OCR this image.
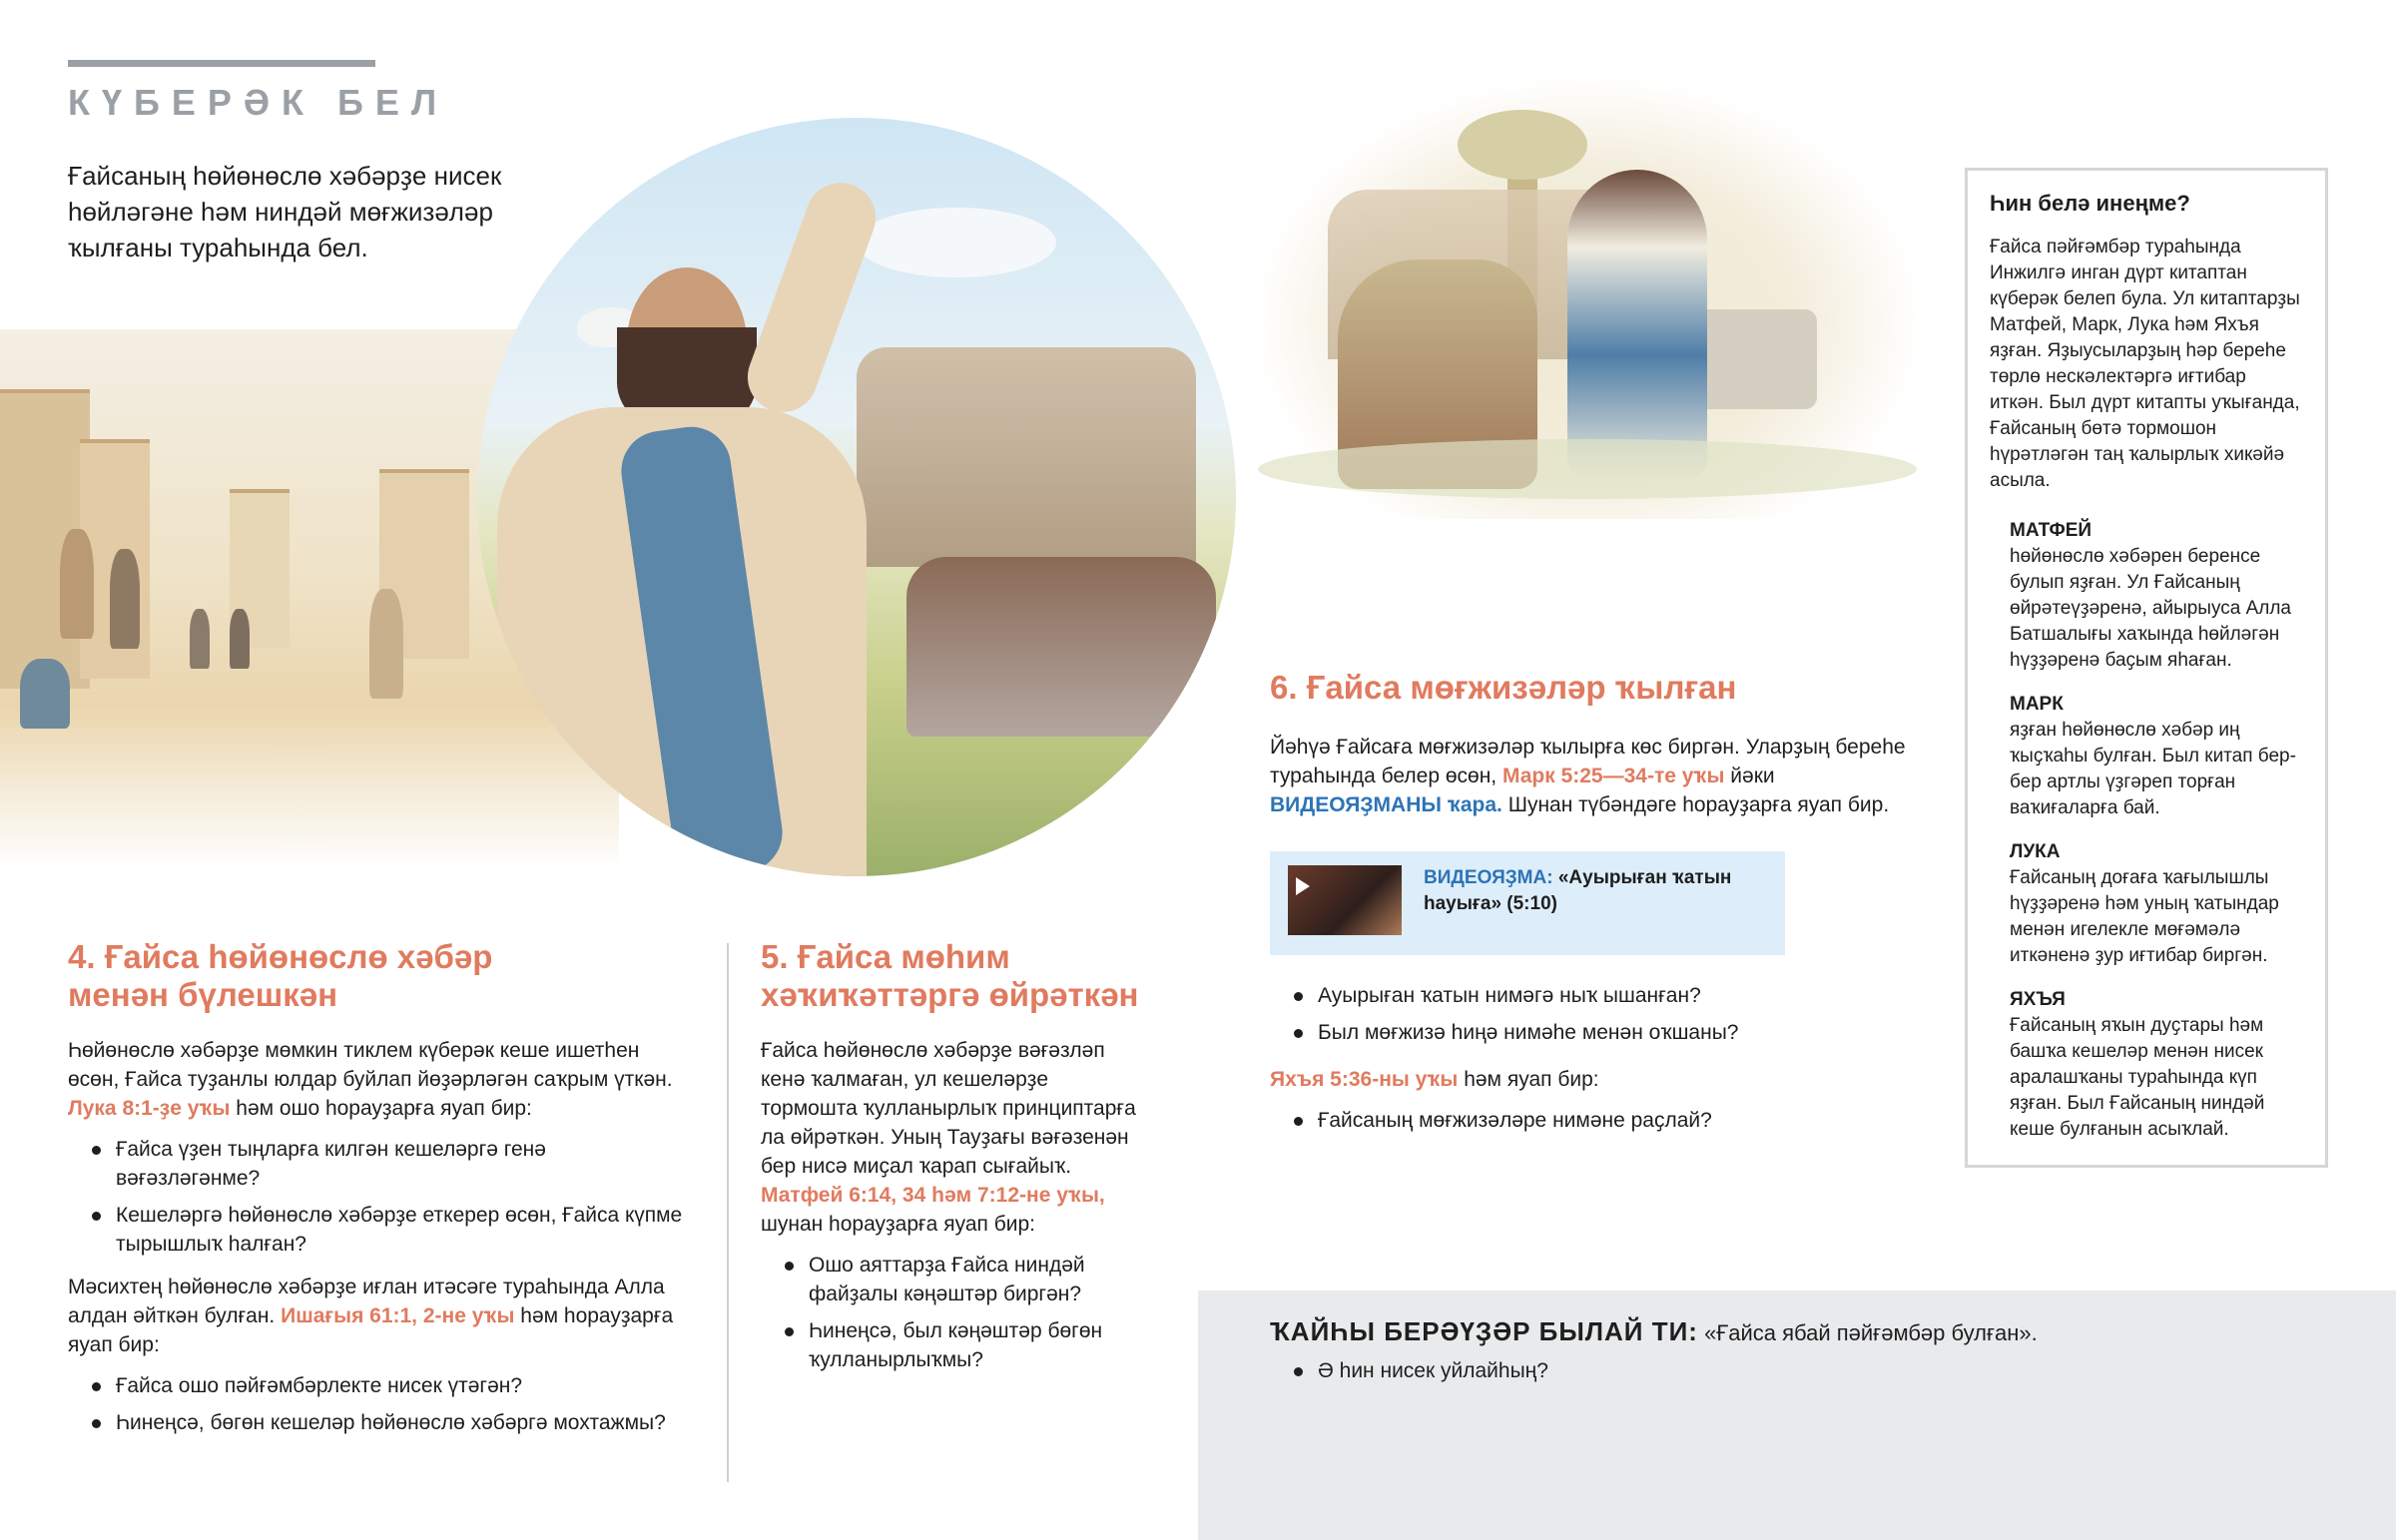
КҮБЕРӘК БЕЛ
Ғайсаның һөйөнөслө хәбәрҙе нисек һөйләгәне һәм ниндәй мөғжизәләр ҡылғаны тураһында бел.
Һин белә инеңме?
Ғайса пәйғәмбәр тураһында Инжилгә инган дүрт китаптан күберәк белеп була. Ул китаптарҙы Матфей, Марк, Лука һәм Яхъя яҙған. Яҙыусыларҙың һәр береһе төрлө нескәлектәргә иғтибар иткән. Был дүрт китапты уҡығанда, Ғайсаның бөтә тормошон һүрәтләгән таң ҡалырлыҡ хикәйә асыла.
МАТФЕЙ
һөйөнөслө хәбәрен беренсе булып яҙған. Ул Ғайсаның өйрәтеүҙәренә, айырыуса Алла Батшалығы хаҡында һөйләгән һүҙҙәренә баҫым яһаған.
МАРК
яҙған һөйөнөслө хәбәр иң ҡыҫҡаһы булған. Был китап бер-бер артлы үҙгәреп торған ваҡиғаларға бай.
ЛУКА
Ғайсаның доғаға ҡағылышлы һүҙҙәренә һәм уның ҡатындар менән игелекле мөғәмәлә иткәненә ҙур иғтибар биргән.
ЯХЪЯ
Ғайсаның яҡын дуҫтары һәм башҡа кешеләр менән нисек аралашҡаны тураһында күп яҙған. Был Ғайсаның ниндәй кеше булғанын асыҡлай.
4. Ғайса һөйөнөслө хәбәр менән бүлешкән

Һөйөнөслө хәбәрҙе мөмкин тиклем күберәк кеше ишетһен өсөн, Ғайса туҙанлы юлдар буйлап йөҙәрләгән саҡрым үткән. Лука 8:1-ҙе уҡы һәм ошо һорауҙарға яуап бир:

Ғайса үҙен тыңларға килгән кешеләргә генә вәғәзләгәнме?
Кешеләргә һөйөнөслө хәбәрҙе еткерер өсөн, Ғайса күпме тырышлыҡ һалған?

Мәсихтең һөйөнөслө хәбәрҙе иғлан итәсәге тураһында Алла алдан әйткән булған. Ишағыя 61:1, 2-не уҡы һәм һорауҙарға яуап бир:

Ғайса ошо пәйғәмбәрлекте нисек үтәгән?
Һинеңсә, бөгөн кешеләр һөйөнөслө хәбәргә мохтажмы?
5. Ғайса мөһим хәҡиҡәттәргә өйрәткән

Ғайса һөйөнөслө хәбәрҙе вәғәзләп кенә ҡалмаған, ул кешеләрҙе тормошта ҡулланырлыҡ принциптарға ла өйрәткән. Уның Тауҙағы вәғәзенән бер нисә миҫал ҡарап сығайыҡ. Матфей 6:14, 34 һәм 7:12-не уҡы, шунан һорауҙарға яуап бир:

Ошо аяттарҙа Ғайса ниндәй файҙалы кәңәштәр биргән?
Һинеңсә, был кәңәштәр бөгөн ҡулланырлыҡмы?
6. Ғайса мөғжизәләр ҡылған

Йәһүә Ғайсаға мөғжизәләр ҡылырға көс биргән. Уларҙың береһе тураһында белер өсөн, Марк 5:25—34-те уҡы йәки ВИДЕОЯҘМАНЫ ҡара. Шунан түбәндәге һорауҙарға яуап бир.

ВИДЕОЯҘМА: «Ауырыған ҡатын һауыға» (5:10)
Ауырыған ҡатын нимәгә ныҡ ышанған?
Был мөғжизә һиңә нимәһе менән оҡшаны?

Яхъя 5:36-ны уҡы һәм яуап бир:

Ғайсаның мөғжизәләре нимәне раҫлай?

ҠАЙҺЫ БЕРӘҮҘӘР БЫЛАЙ ТИ: «Ғайса ябай пәйғәмбәр булған».

Ә һин нисек уйлайһың?
